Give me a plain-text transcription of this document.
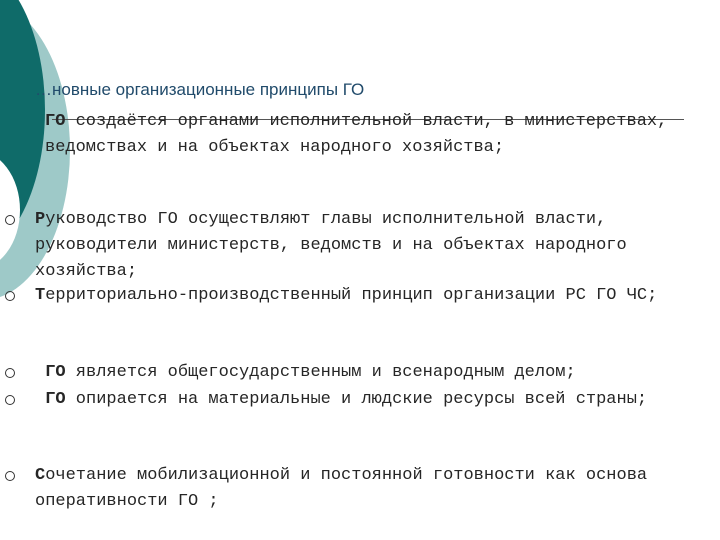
…новные организационные принципы ГО
ГО создаётся органами исполнительной власти, в министерствах, ведомствах и на объектах народного хозяйства;
Руководство ГО осуществляют главы исполнительной власти, руководители министерств, ведомств и на объектах народного хозяйства;
Территориально-производственный принцип организации РС ГО ЧС;
ГО является общегосударственным и всенародным делом;
ГО опирается на материальные и людские ресурсы всей страны;
Сочетание мобилизационной и постоянной готовности как основа оперативности ГО ;
